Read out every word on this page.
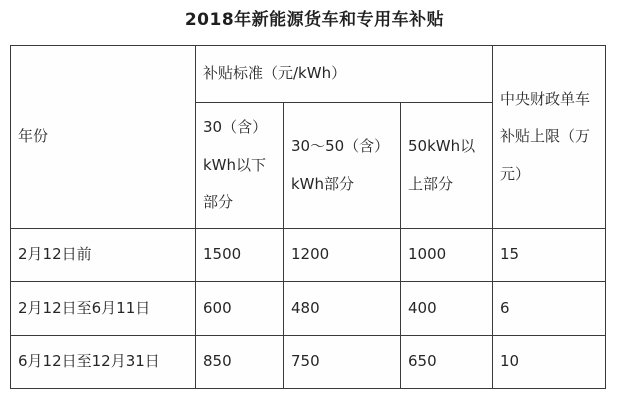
2018年新能源货车和专用车补贴
年份	补贴标准（元/kWh）			中央财政单车补贴上限（万元）
	30（含）kWh以下部分	30～50（含）kWh部分	50kWh以上部分	
2月12日前	1500	1200	1000	15
2月12日至6月11日	600	480	400	6
6月12日至12月31日	850	750	650	10
